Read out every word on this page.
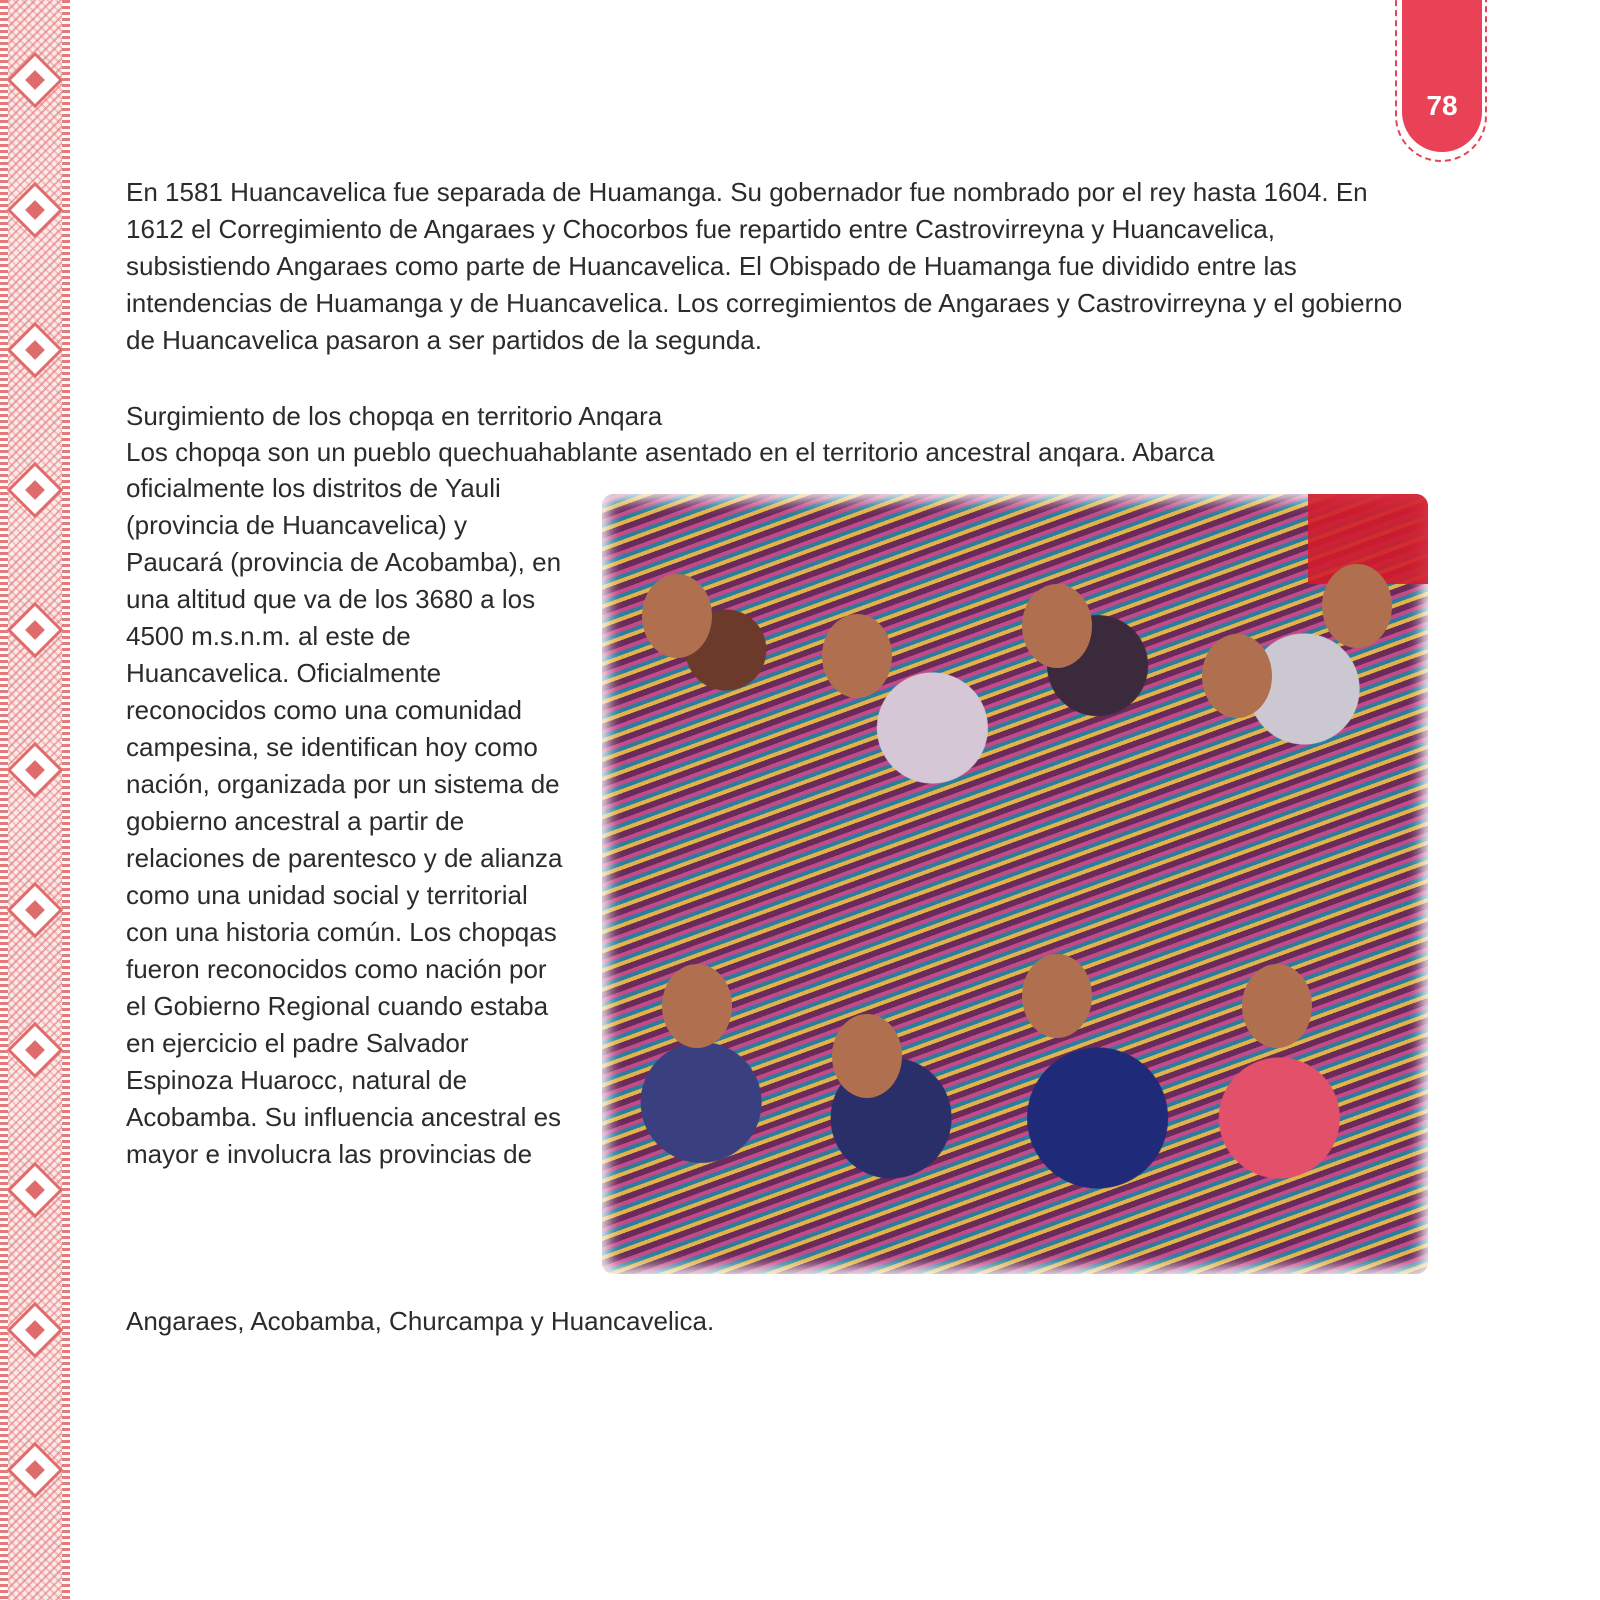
78

En 1581 Huancavelica fue separada de Huamanga. Su gobernador fue nombrado por el rey hasta 1604. En 1612 el Corregimiento de Angaraes y Chocorbos fue repartido entre Castrovirreyna y Huancavelica, subsistiendo Angaraes como parte de Huancavelica. El Obispado de Huamanga fue dividido entre las intendencias de Huamanga y de Huancavelica. Los corregimientos de Angaraes y Castrovirreyna y el gobierno de Huancavelica pasaron a ser partidos de la segunda.

Surgimiento de los chopqa en territorio Anqara

Los chopqa son un pueblo quechuahablante asentado en el territorio ancestral anqara. Abarca

oficialmente los distritos de Yauli (provincia de Huancavelica) y Paucará (provincia de Acobamba), en una altitud que va de los 3680 a los 4500 m.s.n.m. al este de Huancavelica. Oficialmente reconocidos como una comunidad campesina, se identifican hoy como nación, organizada por un sistema de gobierno ancestral a partir de relaciones de parentesco y de alianza como una unidad social y territorial con una historia común. Los chopqas fueron reconocidos como nación por el Gobierno Regional cuando estaba en ejercicio el padre Salvador Espinoza Huarocc, natural de Acobamba. Su influencia ancestral es mayor e involucra las provincias de

Angaraes, Acobamba, Churcampa y Huancavelica.
